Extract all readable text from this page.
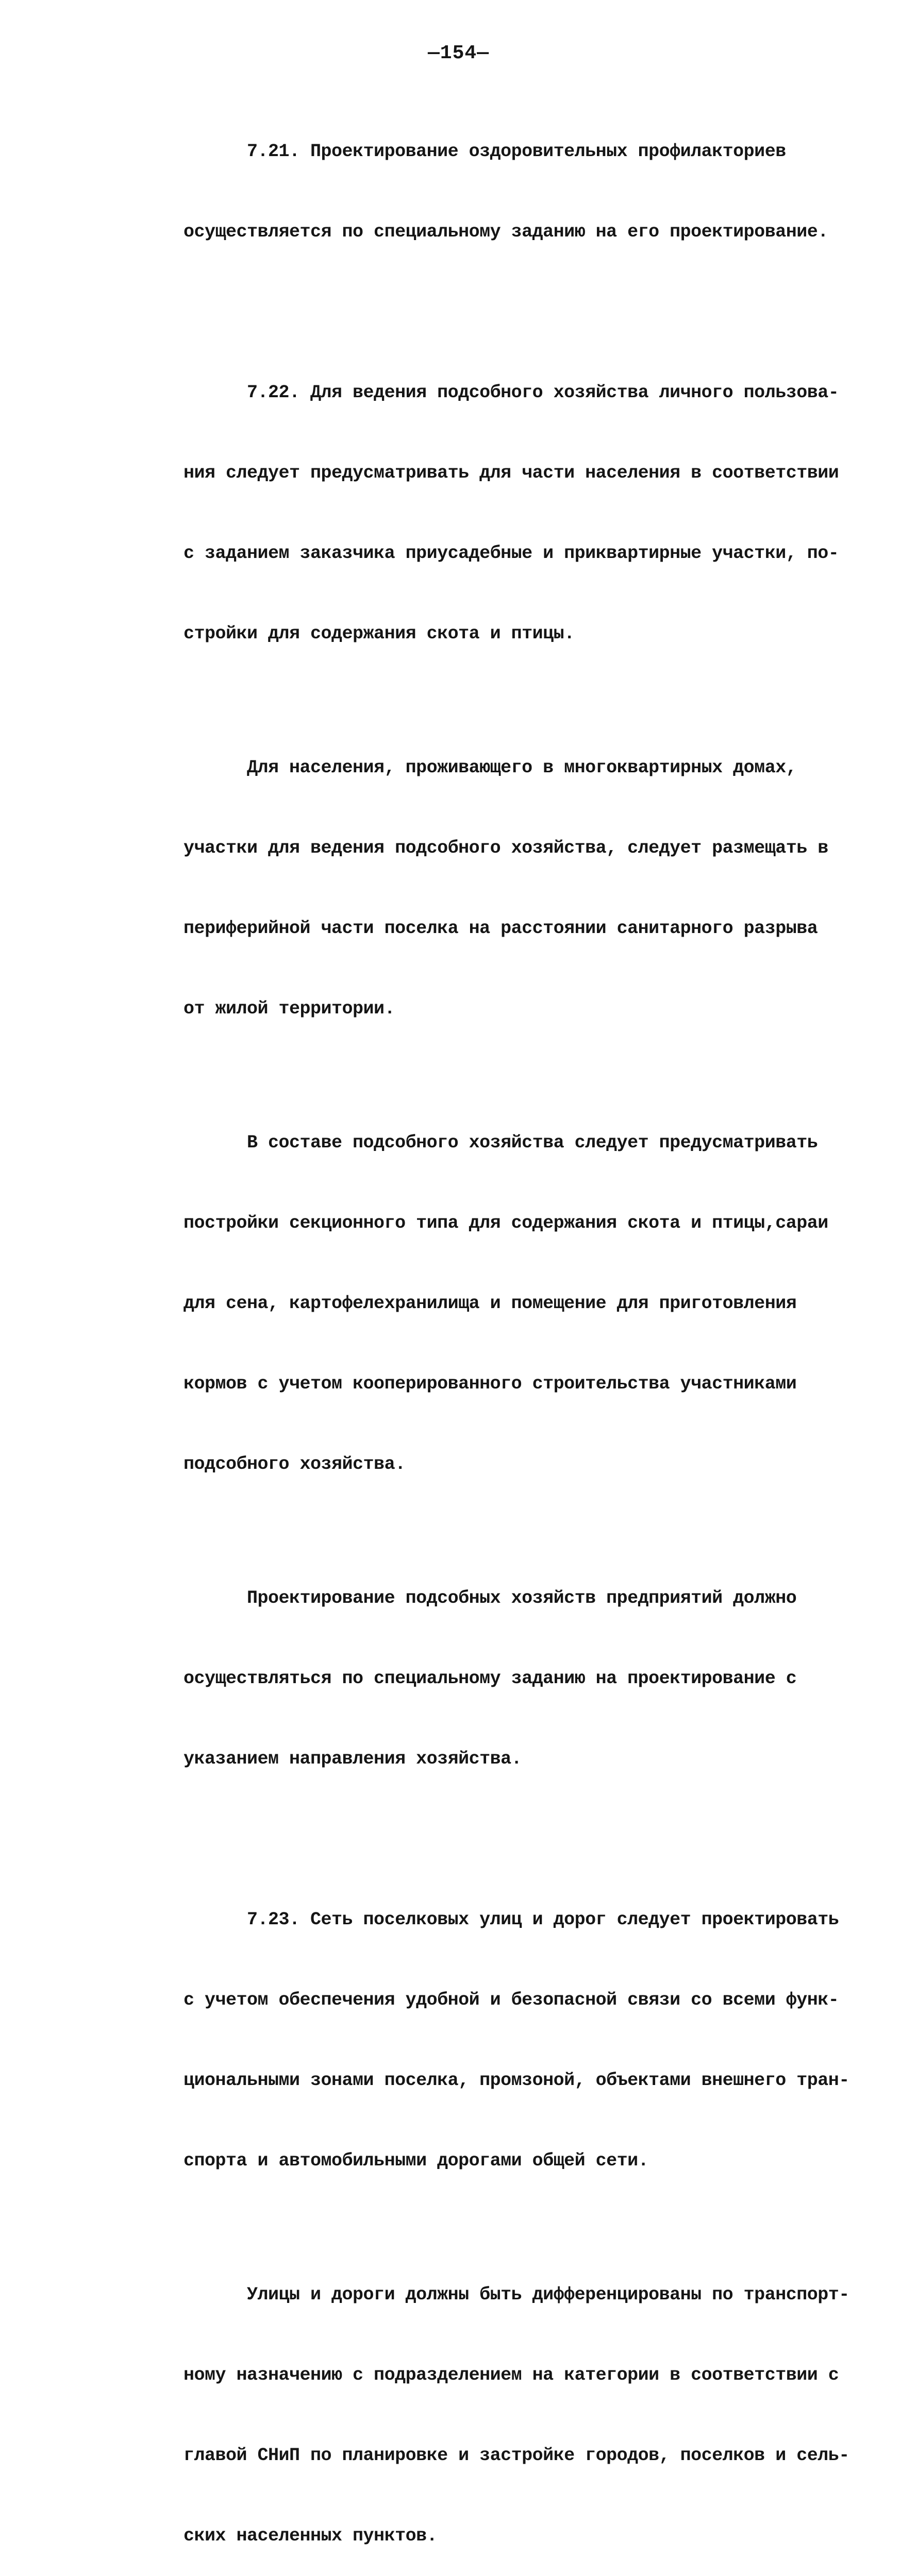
—154—

7.21. Проектирование оздоровительных профилакториев

осуществляется по специальному заданию на его проектирование.

7.22. Для ведения подсобного хозяйства личного пользова-

ния следует предусматривать для части населения в соответствии

с заданием заказчика приусадебные и приквартирные участки, по-

стройки для содержания скота и птицы.

Для населения, проживающего в многоквартирных домах,

участки для ведения подсобного хозяйства, следует размещать в

периферийной части поселка на расстоянии санитарного разрыва

от жилой территории.

В составе подсобного хозяйства следует предусматривать

постройки секционного типа для содержания скота и птицы,сараи

для сена, картофелехранилища и помещение для приготовления

кормов с учетом кооперированного строительства участниками

подсобного хозяйства.

Проектирование подсобных хозяйств предприятий должно

осуществляться по специальному заданию на проектирование с

указанием направления хозяйства.

7.23. Сеть поселковых улиц и дорог следует проектировать

с учетом обеспечения удобной и безопасной связи со всеми функ-

циональными зонами поселка, промзоной, объектами внешнего тран-

спорта и автомобильными дорогами общей сети.

Улицы и дороги должны быть дифференцированы по транспорт-

ному назначению с подразделением на категории в соответствии с

главой СНиП по планировке и застройке городов, поселков и сель-

ских населенных пунктов.
